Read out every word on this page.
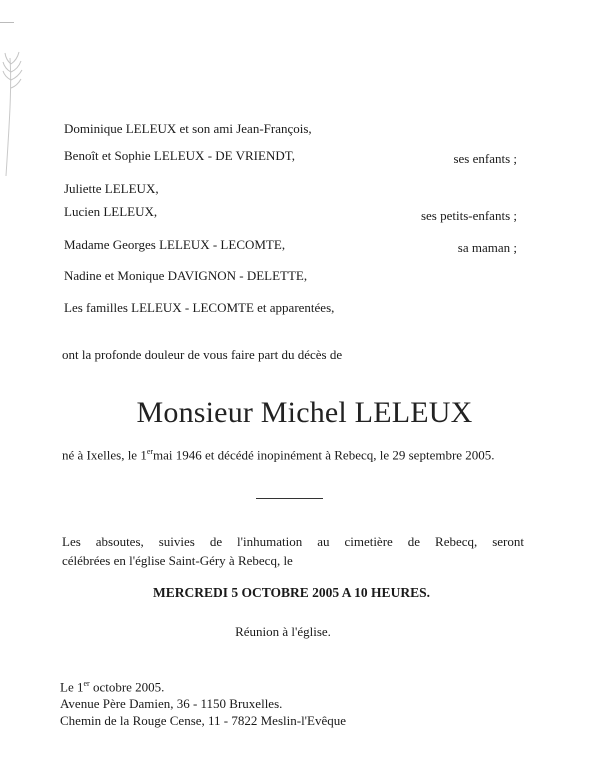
Dominique LELEUX et son ami Jean-François,
Benoît et Sophie LELEUX - DE VRIENDT,	ses enfants ;
Juliette LELEUX,
Lucien LELEUX,	ses petits-enfants ;
Madame Georges LELEUX - LECOMTE,	sa maman ;
Nadine et Monique DAVIGNON - DELETTE,
Les familles LELEUX - LECOMTE et apparentées,
ont la profonde douleur de vous faire part du décès de
Monsieur Michel LELEUX
né à Ixelles, le 1ermai 1946 et décédé inopinément à Rebecq, le 29 septembre 2005.
Les absoutes, suivies de l'inhumation au cimetière de Rebecq, seront
célébrées en l'église Saint-Géry à Rebecq, le
MERCREDI 5 OCTOBRE 2005 A 10 HEURES.
Réunion à l'église.
Le 1er octobre 2005.
Avenue Père Damien, 36 - 1150 Bruxelles.
Chemin de la Rouge Cense, 11 - 7822 Meslin-l'Evêque
